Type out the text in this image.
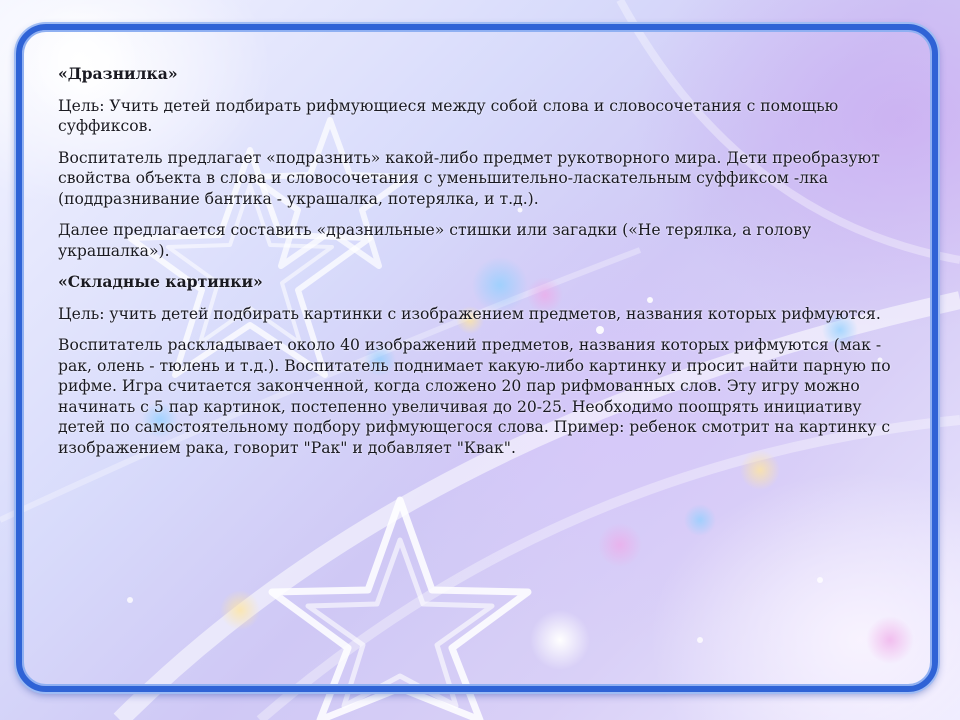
«Дразнилка»
Цель: Учить детей подбирать рифмующиеся между собой слова и словосочетания с помощью суффиксов.
Воспитатель предлагает «подразнить» какой-либо предмет рукотворного мира. Дети преобразуют свойства объекта в слова и словосочетания с уменьшительно-ласкательным суффиксом -лка (поддразнивание бантика - украшалка, потерялка, и т.д.).
Далее предлагается составить «дразнильные» стишки или загадки («Не терялка, а голову украшалка»).
«Складные картинки»
Цель: учить детей подбирать картинки с изображением предметов, названия которых рифмуются.
Воспитатель раскладывает около 40 изображений предметов, названия которых рифмуются (мак - рак, олень - тюлень и т.д.). Воспитатель поднимает какую-либо картинку и просит найти парную по рифме. Игра считается законченной, когда сложено 20 пар рифмованных слов. Эту игру можно начинать с 5 пар картинок, постепенно увеличивая до 20-25. Необходимо поощрять инициативу детей по самостоятельному подбору рифмующегося слова. Пример: ребенок смотрит на картинку с изображением рака, говорит "Рак" и добавляет "Квак".
